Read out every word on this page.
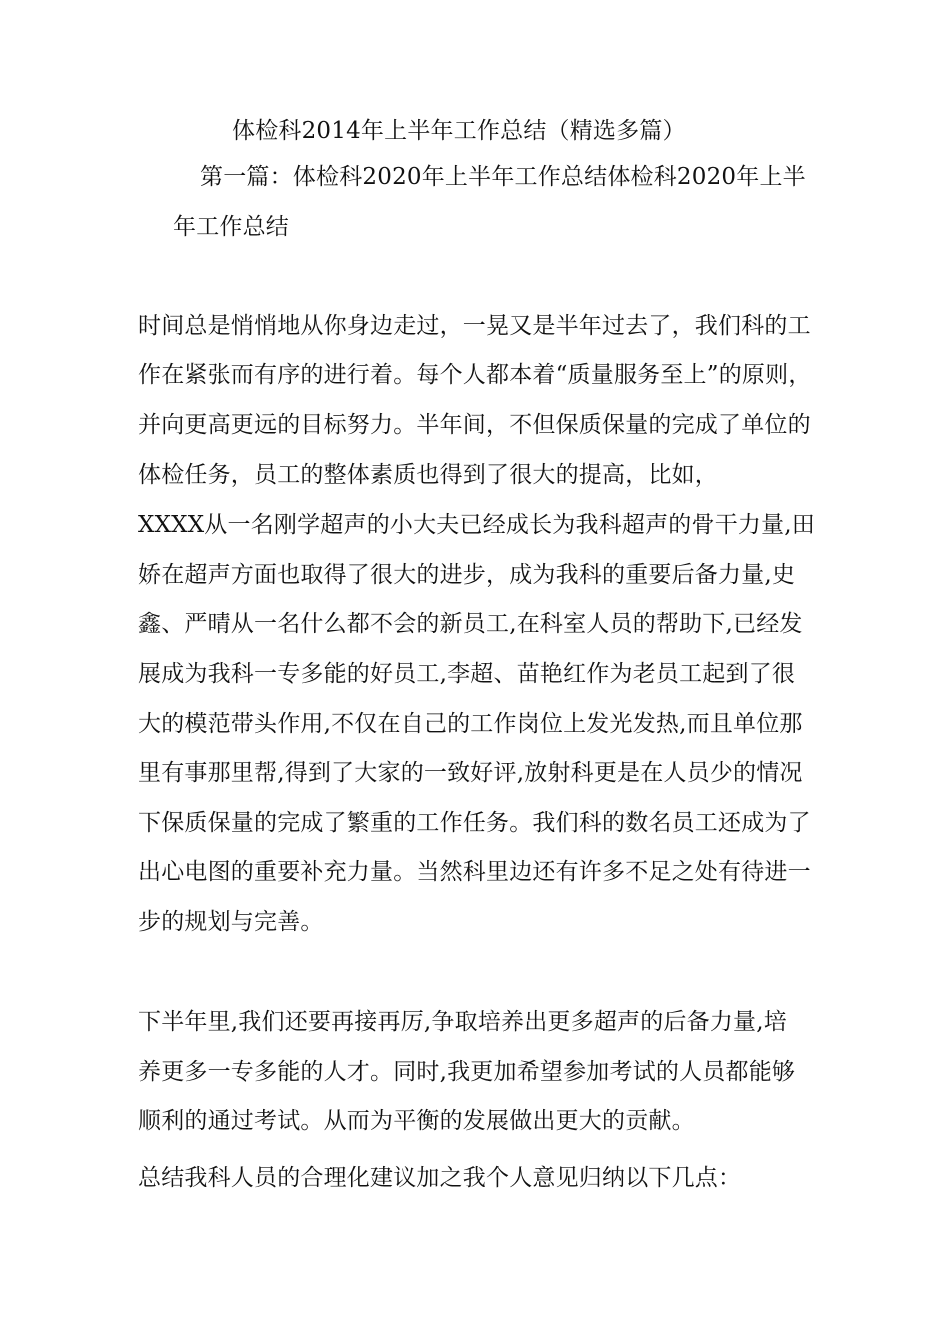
体检科2014年上半年工作总结（精选多篇）
第一篇：体检科2020年上半年工作总结体检科2020年上半
年工作总结
时间总是悄悄地从你身边走过，一晃又是半年过去了，我们科的工
作在紧张而有序的进行着。每个人都本着“质量服务至上”的原则，
并向更高更远的目标努力。半年间，不但保质保量的完成了单位的
体检任务，员工的整体素质也得到了很大的提高，比如，
XXXX从一名刚学超声的小大夫已经成长为我科超声的骨干力量,田
娇在超声方面也取得了很大的进步，成为我科的重要后备力量,史
鑫、严晴从一名什么都不会的新员工,在科室人员的帮助下,已经发
展成为我科一专多能的好员工,李超、苗艳红作为老员工起到了很
大的模范带头作用,不仅在自己的工作岗位上发光发热,而且单位那
里有事那里帮,得到了大家的一致好评,放射科更是在人员少的情况
下保质保量的完成了繁重的工作任务。我们科的数名员工还成为了
出心电图的重要补充力量。当然科里边还有许多不足之处有待进一
步的规划与完善。
下半年里,我们还要再接再厉,争取培养出更多超声的后备力量,培
养更多一专多能的人才。同时,我更加希望参加考试的人员都能够
顺利的通过考试。从而为平衡的发展做出更大的贡献。
总结我科人员的合理化建议加之我个人意见归纳以下几点：
